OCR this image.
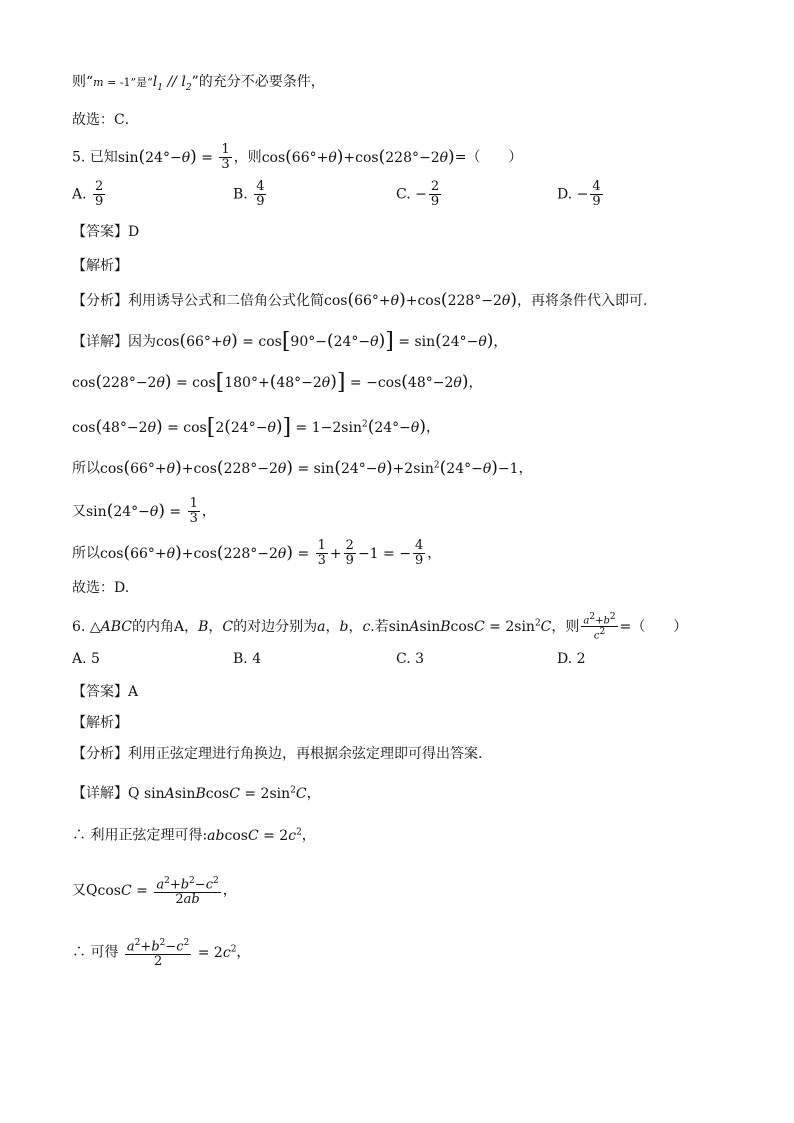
则“m = -1”是“$l_1 // l_2$”的充分不必要条件，
故选：C．
5. 已知$\sin(24^\circ-\theta) = \frac{1}{3}$ ，则cos(66°+θ)+cos(228°−2θ)=（　　）
A. $\frac{2}{9}$	B. $\frac{4}{9}$	C. − $\frac{2}{9}$	D. − $\frac{4}{9}$
【答案】D
【解析】
【分析】利用诱导公式和二倍角公式化简cos(66°+θ)+cos(228°−2θ)，再将条件代入即可.
【详解】因为cos(66°+θ) = cos[90°−(24°−θ)] = sin(24°−θ)，
cos(228°−2θ) = cos[180°+(48°−2θ)] = −cos(48°−2θ)，
$\cos(48^\circ-2\theta) = \cos[2(24^\circ-\theta)] = 1-2\sin^2(24^\circ-\theta)$，
所以$\cos(66^\circ+\theta)+\cos(228^\circ-2\theta) = \sin(24^\circ-\theta)+2\sin^2(24^\circ-\theta)-1$，
又$\sin(24^\circ-\theta) = \frac{1}{3}$ ，
所以$\cos(66^\circ+\theta)+\cos(228^\circ-2\theta) = \frac{1}{3} + \frac{2}{9} -1$ = − $\frac{4}{9}$ ，
故选：D.
6. △ABC的内角A，B，C的对边分别为a，b，c.若sinAsinBcosC = $2\sin^2C$，则 $\frac{a^2+b^2}{c^2}$ =（　　）
A. 5	B. 4	C. 3	D. 2
【答案】A
【解析】
【分析】利用正弦定理进行角换边，再根据余弦定理即可得出答案.
【详解】Q sinAsinBcosC = $2\sin^2C$，
∴ 利用正弦定理可得:abcosC = $2c^2$，
又$QcosC = \frac{a^2+b^2-c^2}{2ab}$ ，
∴ 可得 $\frac{a^2+b^2-c^2}{2} = 2c^2$，
